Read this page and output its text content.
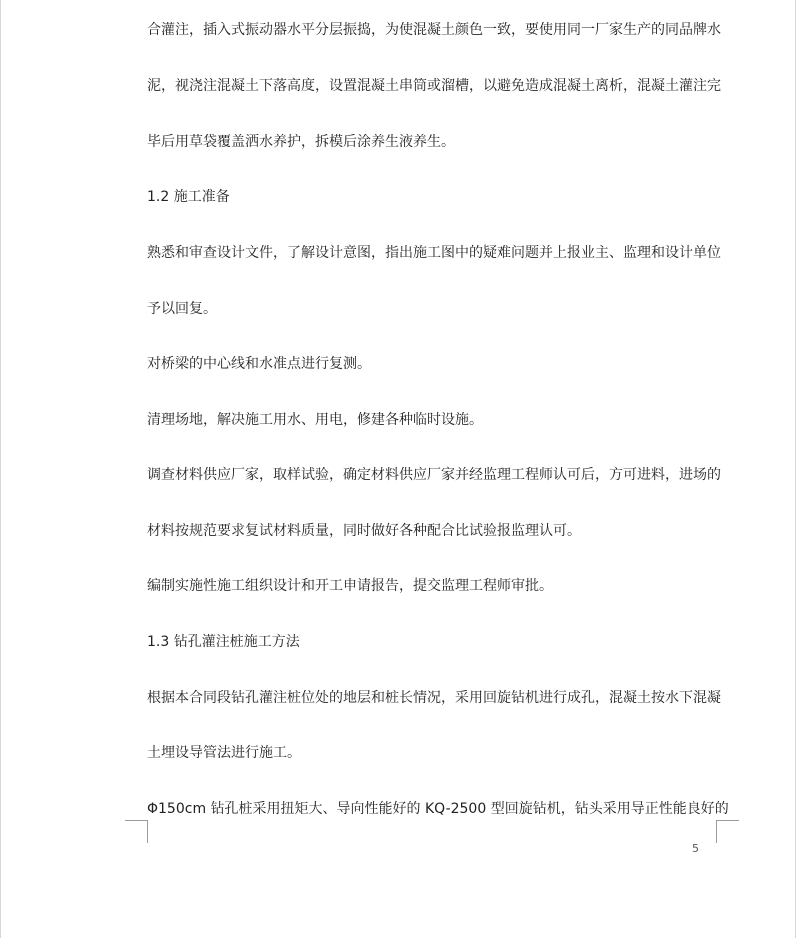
合灌注，插入式振动器水平分层振捣，为使混凝土颜色一致，要使用同一厂家生产的同品牌水
泥，视浇注混凝土下落高度，设置混凝土串筒或溜槽，以避免造成混凝土离析，混凝土灌注完
毕后用草袋覆盖洒水养护，拆模后涂养生液养生。
1.2 施工准备
熟悉和审查设计文件，了解设计意图，指出施工图中的疑难问题并上报业主、监理和设计单位
予以回复。
对桥梁的中心线和水准点进行复测。
清理场地，解决施工用水、用电，修建各种临时设施。
调查材料供应厂家，取样试验，确定材料供应厂家并经监理工程师认可后，方可进料，进场的
材料按规范要求复试材料质量，同时做好各种配合比试验报监理认可。
编制实施性施工组织设计和开工申请报告，提交监理工程师审批。
1.3 钻孔灌注桩施工方法
根据本合同段钻孔灌注桩位处的地层和桩长情况，采用回旋钻机进行成孔，混凝土按水下混凝
土埋设导管法进行施工。
Φ150cm 钻孔桩采用扭矩大、导向性能好的 KQ-2500 型回旋钻机，钻头采用导正性能良好的
5
